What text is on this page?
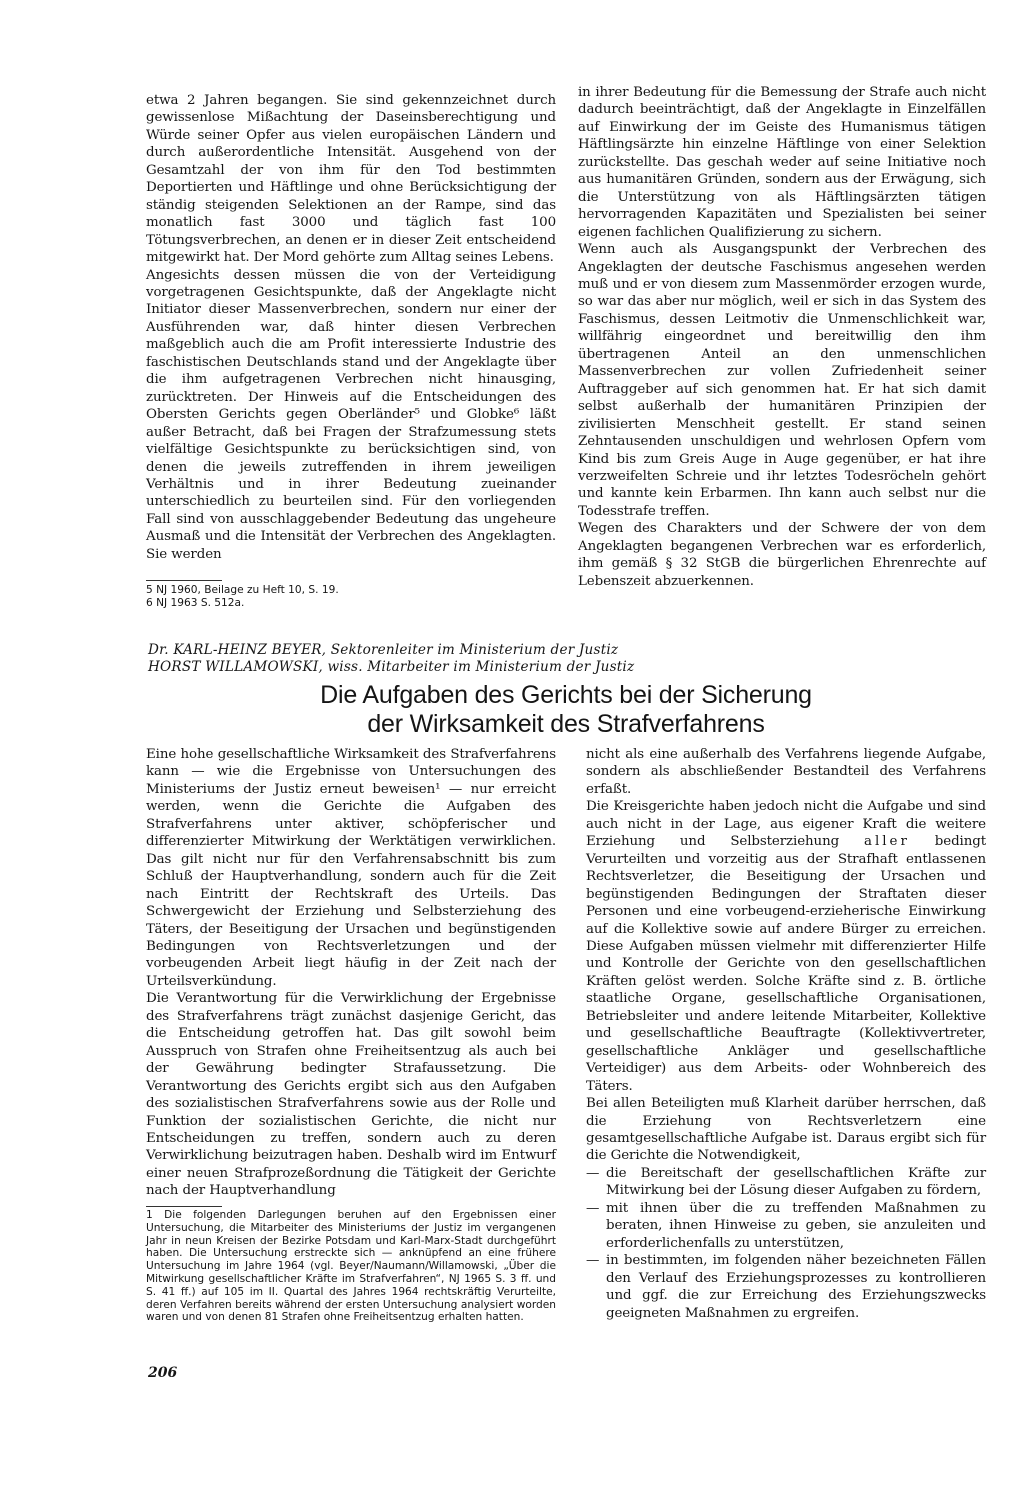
etwa 2 Jahren begangen. Sie sind gekennzeichnet durch gewissenlose Mißachtung der Daseinsberechtigung und Würde seiner Opfer aus vielen europäischen Ländern und durch außerordentliche Intensität. Ausgehend von der Gesamtzahl der von ihm für den Tod bestimmten Deportierten und Häftlinge und ohne Berücksichtigung der ständig steigenden Selektionen an der Rampe, sind das monatlich fast 3000 und täglich fast 100 Tötungsverbrechen, an denen er in dieser Zeit entscheidend mitgewirkt hat. Der Mord gehörte zum Alltag seines Lebens.

Angesichts dessen müssen die von der Verteidigung vorgetragenen Gesichtspunkte, daß der Angeklagte nicht Initiator dieser Massenverbrechen, sondern nur einer der Ausführenden war, daß hinter diesen Verbrechen maßgeblich auch die am Profit interessierte Industrie des faschistischen Deutschlands stand und der Angeklagte über die ihm aufgetragenen Verbrechen nicht hinausging, zurücktreten. Der Hinweis auf die Entscheidungen des Obersten Gerichts gegen Oberländer⁵ und Globke⁶ läßt außer Betracht, daß bei Fragen der Strafzumessung stets vielfältige Gesichtspunkte zu berücksichtigen sind, von denen die jeweils zutreffenden in ihrem jeweiligen Verhältnis und in ihrer Bedeutung zueinander unterschiedlich zu beurteilen sind. Für den vorliegenden Fall sind von ausschlaggebender Bedeutung das ungeheure Ausmaß und die Intensität der Verbrechen des Angeklagten. Sie werden

5 NJ 1960, Beilage zu Heft 10, S. 19.
6 NJ 1963 S. 512a.

in ihrer Bedeutung für die Bemessung der Strafe auch nicht dadurch beeinträchtigt, daß der Angeklagte in Einzelfällen auf Einwirkung der im Geiste des Humanismus tätigen Häftlingsärzte hin einzelne Häftlinge von einer Selektion zurückstellte. Das geschah weder auf seine Initiative noch aus humanitären Gründen, sondern aus der Erwägung, sich die Unterstützung von als Häftlingsärzten tätigen hervorragenden Kapazitäten und Spezialisten bei seiner eigenen fachlichen Qualifizierung zu sichern.

Wenn auch als Ausgangspunkt der Verbrechen des Angeklagten der deutsche Faschismus angesehen werden muß und er von diesem zum Massenmörder erzogen wurde, so war das aber nur möglich, weil er sich in das System des Faschismus, dessen Leitmotiv die Unmenschlichkeit war, willfährig eingeordnet und bereitwillig den ihm übertragenen Anteil an den unmenschlichen Massenverbrechen zur vollen Zufriedenheit seiner Auftraggeber auf sich genommen hat. Er hat sich damit selbst außerhalb der humanitären Prinzipien der zivilisierten Menschheit gestellt. Er stand seinen Zehntausenden unschuldigen und wehrlosen Opfern vom Kind bis zum Greis Auge in Auge gegenüber, er hat ihre verzweifelten Schreie und ihr letztes Todesröcheln gehört und kannte kein Erbarmen. Ihn kann auch selbst nur die Todesstrafe treffen.

Wegen des Charakters und der Schwere der von dem Angeklagten begangenen Verbrechen war es erforderlich, ihm gemäß § 32 StGB die bürgerlichen Ehrenrechte auf Lebenszeit abzuerkennen.

Dr. KARL-HEINZ BEYER, Sektorenleiter im Ministerium der Justiz
HORST WILLAMOWSKI, wiss. Mitarbeiter im Ministerium der Justiz
Die Aufgaben des Gerichts bei der Sicherung
der Wirksamkeit des Strafverfahrens

Eine hohe gesellschaftliche Wirksamkeit des Strafverfahrens kann — wie die Ergebnisse von Untersuchungen des Ministeriums der Justiz erneut beweisen¹ — nur erreicht werden, wenn die Gerichte die Aufgaben des Strafverfahrens unter aktiver, schöpferischer und differenzierter Mitwirkung der Werktätigen verwirklichen. Das gilt nicht nur für den Verfahrensabschnitt bis zum Schluß der Hauptverhandlung, sondern auch für die Zeit nach Eintritt der Rechtskraft des Urteils. Das Schwergewicht der Erziehung und Selbsterziehung des Täters, der Beseitigung der Ursachen und begünstigenden Bedingungen von Rechtsverletzungen und der vorbeugenden Arbeit liegt häufig in der Zeit nach der Urteilsverkündung.

Die Verantwortung für die Verwirklichung der Ergebnisse des Strafverfahrens trägt zunächst dasjenige Gericht, das die Entscheidung getroffen hat. Das gilt sowohl beim Ausspruch von Strafen ohne Freiheitsentzug als auch bei der Gewährung bedingter Strafaussetzung. Die Verantwortung des Gerichts ergibt sich aus den Aufgaben des sozialistischen Strafverfahrens sowie aus der Rolle und Funktion der sozialistischen Gerichte, die nicht nur Entscheidungen zu treffen, sondern auch zu deren Verwirklichung beizutragen haben. Deshalb wird im Entwurf einer neuen Strafprozeßordnung die Tätigkeit der Gerichte nach der Hauptverhandlung

1 Die folgenden Darlegungen beruhen auf den Ergebnissen einer Untersuchung, die Mitarbeiter des Ministeriums der Justiz im vergangenen Jahr in neun Kreisen der Bezirke Potsdam und Karl-Marx-Stadt durchgeführt haben. Die Untersuchung erstreckte sich — anknüpfend an eine frühere Untersuchung im Jahre 1964 (vgl. Beyer/Naumann/Willamowski, „Über die Mitwirkung gesellschaftlicher Kräfte im Strafverfahren“, NJ 1965 S. 3 ff. und S. 41 ff.) auf 105 im II. Quartal des Jahres 1964 rechtskräftig Verurteilte, deren Verfahren bereits während der ersten Untersuchung analysiert worden waren und von denen 81 Strafen ohne Freiheitsentzug erhalten hatten.

nicht als eine außerhalb des Verfahrens liegende Aufgabe, sondern als abschließender Bestandteil des Verfahrens erfaßt.

Die Kreisgerichte haben jedoch nicht die Aufgabe und sind auch nicht in der Lage, aus eigener Kraft die weitere Erziehung und Selbsterziehung aller bedingt Verurteilten und vorzeitig aus der Strafhaft entlassenen Rechtsverletzer, die Beseitigung der Ursachen und begünstigenden Bedingungen der Straftaten dieser Personen und eine vorbeugend-erzieherische Einwirkung auf die Kollektive sowie auf andere Bürger zu erreichen. Diese Aufgaben müssen vielmehr mit differenzierter Hilfe und Kontrolle der Gerichte von den gesellschaftlichen Kräften gelöst werden. Solche Kräfte sind z. B. örtliche staatliche Organe, gesellschaftliche Organisationen, Betriebsleiter und andere leitende Mitarbeiter, Kollektive und gesellschaftliche Beauftragte (Kollektivvertreter, gesellschaftliche Ankläger und gesellschaftliche Verteidiger) aus dem Arbeits- oder Wohnbereich des Täters.

Bei allen Beteiligten muß Klarheit darüber herrschen, daß die Erziehung von Rechtsverletzern eine gesamtgesellschaftliche Aufgabe ist. Daraus ergibt sich für die Gerichte die Notwendigkeit,

— die Bereitschaft der gesellschaftlichen Kräfte zur Mitwirkung bei der Lösung dieser Aufgaben zu fördern,
— mit ihnen über die zu treffenden Maßnahmen zu beraten, ihnen Hinweise zu geben, sie anzuleiten und erforderlichenfalls zu unterstützen,
— in bestimmten, im folgenden näher bezeichneten Fällen den Verlauf des Erziehungsprozesses zu kontrollieren und ggf. die zur Erreichung des Erziehungszwecks geeigneten Maßnahmen zu ergreifen.
206
